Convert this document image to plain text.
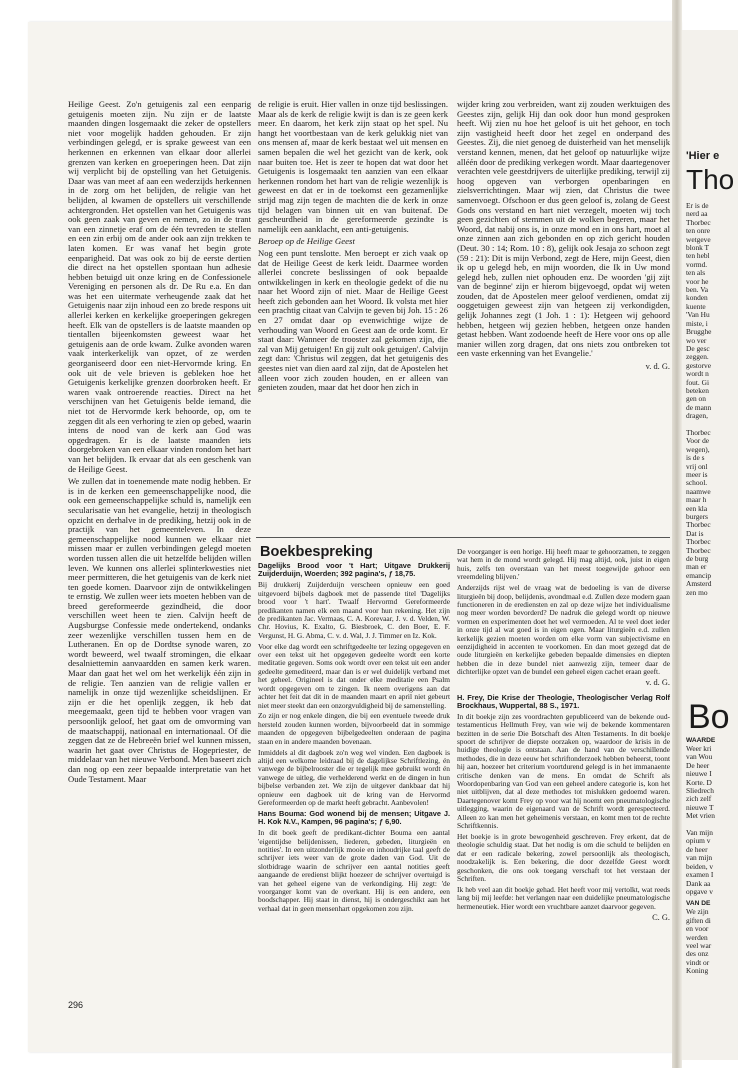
Heilige Geest. Zo'n getuigenis zal een eenparig getuigenis moeten zijn. Nu zijn er de laatste maanden dingen losgemaakt die zeker de opstellers niet voor mogelijk hadden gehouden. Er zijn verbindingen gelegd, er is sprake geweest van een herkennen en erkennen van elkaar door allerlei grenzen van kerken en groeperingen heen. Dat zijn wij verplicht bij de opstelling van het Getuigenis. Daar was van meet af aan een wederzijds herkennen in de zorg om het belijden, de religie van het belijden, al kwamen de opstellers uit verschillende achtergronden. Het opstellen van het Getuigenis was ook geen zaak van geven en nemen, zo in de trant van een zinnetje eraf om de één tevreden te stellen en een zin erbij om de ander ook aan zijn trekken te laten komen. Er was vanaf het begin grote eenparigheid. Dat was ook zo bij de eerste dertien die direct na het opstellen spontaan hun adhesie hebben betuigd uit onze kring en de Confessionele Vereniging en personen als dr. De Ru e.a. En dan was het een uitermate verheugende zaak dat het Getuigenis naar zijn inhoud een zo brede respons uit allerlei kerken en kerkelijke groeperingen gekregen heeft. Elk van de opstellers is de laatste maanden op tientallen bijeenkomsten geweest waar het getuigenis aan de orde kwam. Zulke avonden waren vaak interkerkelijk van opzet, of ze werden georganiseerd door een niet-Hervormde kring. En ook uit de vele brieven is gebleken hoe het Getuigenis kerkelijke grenzen doorbroken heeft. Er waren vaak ontroerende reacties. Direct na het verschijnen van het Getuigenis belde iemand, die niet tot de Hervormde kerk behoorde, op, om te zeggen dit als een verhoring te zien op gebed, waarin intens de nood van de kerk aan God was opgedragen. Er is de laatste maanden iets doorgebroken van een elkaar vinden rondom het hart van het belijden. Ik ervaar dat als een geschenk van de Heilige Geest.

We zullen dat in toenemende mate nodig hebben. Er is in de kerken een gemeenschappelijke nood, die ook een gemeenschappelijke schuld is, namelijk een secularisatie van het evangelie, hetzij in theologisch opzicht en derhalve in de prediking, hetzij ook in de practijk van het gemeenteleven. In deze gemeenschappelijke nood kunnen we elkaar niet missen maar er zullen verbindingen gelegd moeten worden tussen allen die uit hetzelfde belijden willen leven. We kunnen ons allerlei splinterkwesties niet meer permitteren, die het getuigenis van de kerk niet ten goede komen. Daarvoor zijn de ontwikkelingen te ernstig. We zullen weer iets moeten hebben van de breed gereformeerde gezindheid, die door verschillen weet heen te zien. Calvijn heeft de Augsburgse Confessie mede ondertekend, ondanks zeer wezenlijke verschillen tussen hem en de Lutheranen. En op de Dordtse synode waren, zo wordt beweerd, wel twaalf stromingen, die elkaar desalniettemin aanvaardden en samen kerk waren. Maar dan gaat het wel om het werkelijk één zijn in de religie. Ten aanzien van de religie vallen er namelijk in onze tijd wezenlijke scheidslijnen. Er zijn er die het openlijk zeggen, ik heb dat meegemaakt, geen tijd te hebben voor vragen van persoonlijk geloof, het gaat om de omvorming van de maatschappij, nationaal en internationaal. Of die zeggen dat ze de Hebreeën brief wel kunnen missen, waarin het gaat over Christus de Hogepriester, de middelaar van het nieuwe Verbond. Men baseert zich dan nog op een zeer bepaalde interpretatie van het Oude Testament. Maar

de religie is eruit. Hier vallen in onze tijd beslissingen. Maar als de kerk de religie kwijt is dan is ze geen kerk meer. En daarom, het kerk zijn staat op het spel. Nu hangt het voortbestaan van de kerk gelukkig niet van ons mensen af, maar de kerk bestaat wel uit mensen en samen bepalen die wel het gezicht van de kerk, ook naar buiten toe. Het is zeer te hopen dat wat door het Getuigenis is losgemaakt ten aanzien van een elkaar herkennen rondom het hart van de religie wezenlijk is geweest en dat er in de toekomst een gezamenlijke strijd mag zijn tegen de machten die de kerk in onze tijd belagen van binnen uit en van buitenaf. De gescheurdheid in de gereformeerde gezindte is namelijk een aanklacht, een anti-getuigenis.

Beroep op de Heilige Geest

Nog een punt tenslotte. Men beroept er zich vaak op dat de Heilige Geest de kerk leidt. Daarmee worden allerlei concrete beslissingen of ook bepaalde ontwikkelingen in kerk en theologie gedekt of die nu naar het Woord zijn of niet. Maar de Heilige Geest heeft zich gebonden aan het Woord. Ik volsta met hier een prachtig citaat van Calvijn te geven bij Joh. 15 : 26 en 27 omdat daar op evenwichtige wijze de verhouding van Woord en Geest aan de orde komt. Er staat daar: Wanneer de trooster zal gekomen zijn, die zal van Mij getuigen! En gij zult ook getuigen'. Calvijn zegt dan: 'Christus wil zeggen, dat het getuigenis des geestes niet van dien aard zal zijn, dat de Apostelen het alleen voor zich zouden houden, en er alleen van genieten zouden, maar dat het door hen zich in

wijder kring zou verbreiden, want zij zouden werktuigen des Geestes zijn, gelijk Hij dan ook door hun mond gesproken heeft. Wij zien nu hoe het geloof is uit het gehoor, en toch zijn vastigheid heeft door het zegel en onderpand des Geestes. Zij, die niet genoeg de duisterheid van het menselijk verstand kennen, menen, dat het geloof op natuurlijke wijze alléén door de prediking verkegen wordt. Maar daartegenover verachten vele geestdrijvers de uiterlijke prediking, terwijl zij hoog opgeven van verborgen openbaringen en zielsverrichtingen. Maar wij zien, dat Christus die twee samenvoegt. Ofschoon er dus geen geloof is, zolang de Geest Gods ons verstand en hart niet verzegelt, moeten wij toch geen gezichten of stemmen uit de wolken begeren, maar het Woord, dat nabij ons is, in onze mond en in ons hart, moet al onze zinnen aan zich gebonden en op zich gericht houden (Deut. 30 : 14; Rom. 10 : 8), gelijk ook Jesaja zo schoon zegt (59 : 21): Dit is mijn Verbond, zegt de Here, mijn Geest, dien ik op u gelegd heb, en mijn woorden, die Ik in Uw mond gelegd heb, zullen niet ophouden enz. De woorden 'gij zijt van de beginne' zijn er hierom bijgevoegd, opdat wij weten zouden, dat de Apostelen meer geloof verdienen, omdat zij ooggetuigen geweest zijn van hetgeen zij verkondigden, gelijk Johannes zegt (1 Joh. 1 : 1): Hetgeen wij gehoord hebben, hetgeen wij gezien hebben, hetgeen onze handen getast hebben. Want zodoende heeft de Here voor ons op alle manier willen zorg dragen, dat ons niets zou ontbreken tot een vaste erkenning van het Evangelie.'

v. d. G.

Boekbespreking

Dagelijks Brood voor 't Hart; Uitgave Drukkerij Zuijderduijn, Woerden; 392 pagina's, ƒ 18,75.

Bij drukkerij Zuijderduijn verscheen opnieuw een goed uitgevoerd bijbels dagboek met de passende titel 'Dagelijks brood voor 't hart'. Twaalf Hervormd Gereformeerde predikanten namen elk een maand voor hun rekening. Het zijn de predikanten Jac. Vermaas, C. A. Korevaar, J. v. d. Velden, W. Chr. Hovius, K. Exalto, G. Biesbroek, C. den Boer, E. F. Vergunst, H. G. Abma, C. v. d. Wal, J. J. Timmer en Iz. Kok.

Voor elke dag wordt een schriftgedeelte ter lezing opgegeven en over een tekst uit het opgegeven gedeelte wordt een korte meditatie gegeven. Soms ook wordt over een tekst uit een ander gedeelte gemediteerd, maar dan is er wel duidelijk verband met het geheel. Origineel is dat onder elke meditatie een Psalm wordt opgegeven om te zingen. Ik neem overigens aan dat achter het feit dat dit in de maanden maart en april niet gebeurt niet meer steekt dan een onzorgvuldigheid bij de samenstelling.

Zo zijn er nog enkele dingen, die bij een eventuele tweede druk hersteld zouden kunnen worden, bijvoorbeeld dat in sommige maanden de opgegeven bijbelgedeelten onderaan de pagina staan en in andere maanden bovenaan.

Inmiddels al dit dagboek zo'n weg wel vinden. Een dagboek is altijd een welkome leidraad bij de dagelijkse Schriftlezing, én vanwege de bijbelrooster die er tegelijk mee gebruikt wordt én vanwege de uitleg, die verhelderend werkt en de dingen in hun bijbelse verbanden zet. We zijn de uitgever dankbaar dat hij opnieuw een dagboek uit de kring van de Hervormd Gereformeerden op de markt heeft gebracht. Aanbevolen!

Hans Bouma: God wonend bij de mensen; Uitgave J. H. Kok N.V., Kampen, 96 pagina's; ƒ 6,90.

In dit boek geeft de predikant-dichter Bouma een aantal 'eigentijdse belijdenissen, liederen, gebeden, liturgieën en notities'. In een uitzonderlijk mooie en inhoudrijke taal geeft de schrijver iets weer van de grote daden van God. Uit de slotbidrage waarin de schrijver een aantal notities geeft aangaande de eredienst blijkt hoezeer de schrijver overtuigd is van het geheel eigene van de verkondiging. Hij zegt: 'de voorganger komt van de overkant. Hij is een andere, een boodschapper. Hij staat in dienst, hij is ondergeschikt aan het verhaal dat in geen mensenhart opgekomen zou zijn.

De voorganger is een horige. Hij heeft maar te gehoorzamen, te zeggen wat hem in de mond wordt gelegd. Hij mag altijd, ook, juist in eigen huis, zelfs ten overstaan van het meest toegewijde gehoor een vreemdeling blijven.'

Anderzijds rijst wel de vraag wat de bedoeling is van de diverse liturgieën bij doop, belijdenis, avondmaal e.d. Zullen deze modern gaan functioneren in de erediensten en zal op deze wijze het individualisme nog meer worden bevorderd? De nadruk die gelegd wordt op nieuwe vormen en experimenten doet het wel vermoeden. Al te veel doet ieder in onze tijd al wat goed is in eigen ogen. Maar liturgieën e.d. zullen kerkelijk gezien moeten worden om elke vorm van subjectivisme en eenzijdigheid in accenten te voorkomen. En dan moet gezegd dat de oude liturgieën en kerkelijke gebeden bepaalde dimensies en diepten hebben die in deze bundel niet aanwezig zijn, temeer daar de dichterlijke opzet van de bundel een geheel eigen cachet eraan geeft.

v. d. G.

H. Frey, Die Krise der Theologie, Theologischer Verlag Rolf Brockhaus, Wuppertal, 88 S., 1971.

In dit boekje zijn zes voordrachten gepubliceerd van de bekende oud-testamenticus Hellmuth Frey, van wie wij de bekende kommentaren bezitten in de serie Die Botschaft des Alten Testaments. In dit boekje spoort de schrijver de diepste oorzaken op, waardoor de krisis in de huidige theologie is ontstaan. Aan de hand van de verschillende methodes, die in deze eeuw het schriftonderzoek hebben beheerst, toont hij aan, hoezeer het criterium voortdurend gelegd is in het immanaente critische denken van de mens. En omdat de Schrift als Woordopenbaring van God van een geheel andere categorie is, kon het niet uitblijven, dat al deze methodes tot mislukken gedoemd waren. Daartegenover komt Frey op voor wat hij noemt een pneumatologische uitlegging, waarin de eigenaard van de Schrift wordt gerespecteerd. Alleen zo kan men het geheimenis verstaan, en komt men tot de rechte Schriftkennis.

Het boekje is in grote bewogenheid geschreven. Frey erkent, dat de theologie schuldig staat. Dat het nodig is om die schuld te belijden en dat er een radicale bekering, zowel persoonlijk als theologisch, noodzakelijk is. Een bekering, die door dezelfde Geest wordt geschonken, die ons ook toegang verschaft tot het verstaan der Schriften.

Ik heb veel aan dit boekje gehad. Het heeft voor mij vertolkt, wat reeds lang bij mij leefde: het verlangen naar een duidelijke pneumatologische hermeneutiek. Hier wordt een vruchtbare aanzet daarvoor gegeven.

C. G.

296

'Hier e
Tho
Er is de
nerd aa
Thorbec
ten onre
wetgeve
blonk T
ten hebl
vormd.
ten als
voor he
ben. Va
konden
kuente
'Van Hu
miste, i
Brugghe
wo ver
De gesc
zeggen.
gestorve
wordt n
fout. Gi
beteken
gen on
de mann
dragen,

Thorbec
Voor de
wegen),
is de s
vrij onl
meer is
school.
naamwe
maar h
een kla
burgers
Thorbec
Dat is
Thorbec
Thorbec
de burg
man er
emancip
Amsterd
zen mo
Bo

WAARDE

Weer kri
van Wou
De heer
nieuwe I
Korte. D
Sliedrech
zich zelf
nieuwe T
Met vrien

Van mijn
opium v
de heer
van mijn
beiden, v
examen I
Dank aa
opgave v

VAN DE

We zijn
giften di
en voor
werden
veel war
des onz
vindt or
Koning
